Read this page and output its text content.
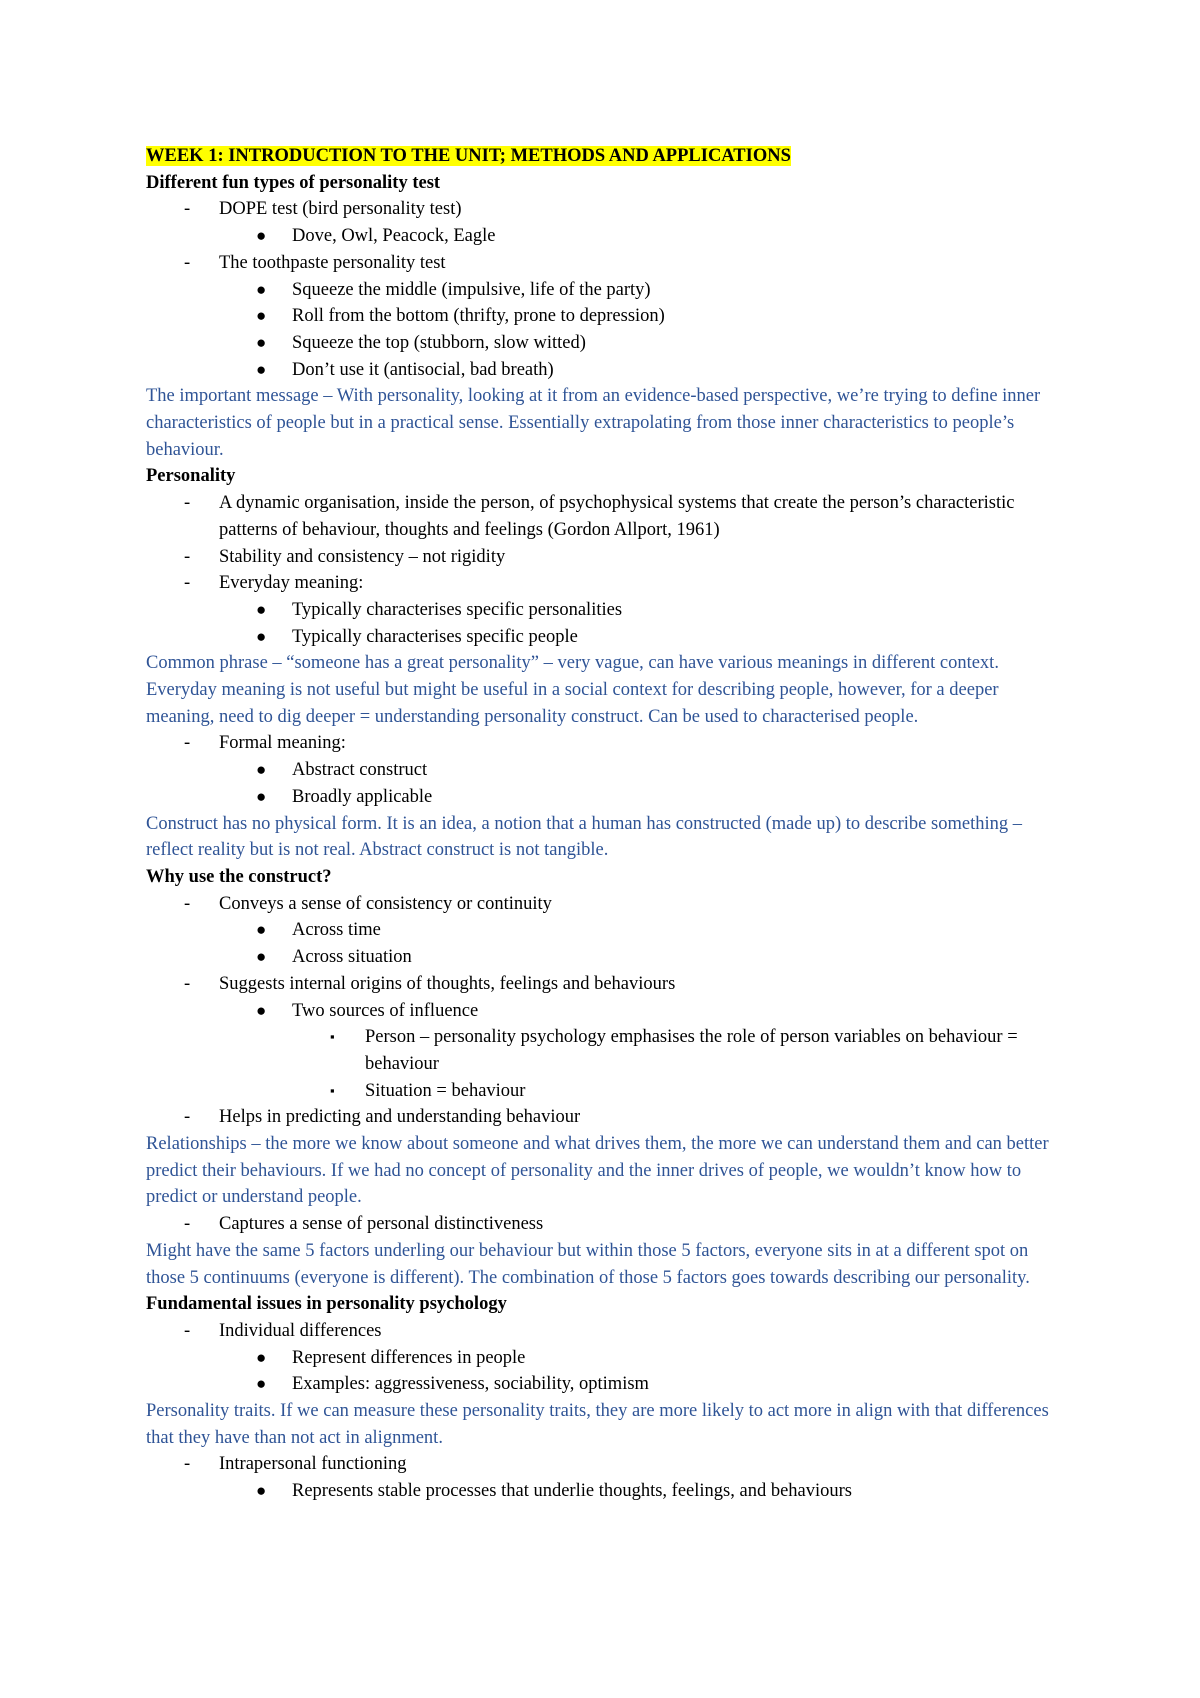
WEEK 1: INTRODUCTION TO THE UNIT; METHODS AND APPLICATIONS
Different fun types of personality test
- DOPE test (bird personality test)
● Dove, Owl, Peacock, Eagle
- The toothpaste personality test
● Squeeze the middle (impulsive, life of the party)
● Roll from the bottom (thrifty, prone to depression)
● Squeeze the top (stubborn, slow witted)
● Don’t use it (antisocial, bad breath)
The important message – With personality, looking at it from an evidence-based perspective, we’re trying to define inner characteristics of people but in a practical sense. Essentially extrapolating from those inner characteristics to people’s behaviour.
Personality
- A dynamic organisation, inside the person, of psychophysical systems that create the person’s characteristic patterns of behaviour, thoughts and feelings (Gordon Allport, 1961)
- Stability and consistency – not rigidity
- Everyday meaning:
● Typically characterises specific personalities
● Typically characterises specific people
Common phrase – “someone has a great personality” – very vague, can have various meanings in different context. Everyday meaning is not useful but might be useful in a social context for describing people, however, for a deeper meaning, need to dig deeper = understanding personality construct. Can be used to characterised people.
- Formal meaning:
● Abstract construct
● Broadly applicable
Construct has no physical form. It is an idea, a notion that a human has constructed (made up) to describe something – reflect reality but is not real. Abstract construct is not tangible.
Why use the construct?
- Conveys a sense of consistency or continuity
● Across time
● Across situation
- Suggests internal origins of thoughts, feelings and behaviours
● Two sources of influence
▪ Person – personality psychology emphasises the role of person variables on behaviour = behaviour
▪ Situation = behaviour
- Helps in predicting and understanding behaviour
Relationships – the more we know about someone and what drives them, the more we can understand them and can better predict their behaviours. If we had no concept of personality and the inner drives of people, we wouldn’t know how to predict or understand people.
- Captures a sense of personal distinctiveness
Might have the same 5 factors underling our behaviour but within those 5 factors, everyone sits in at a different spot on those 5 continuums (everyone is different). The combination of those 5 factors goes towards describing our personality.
Fundamental issues in personality psychology
- Individual differences
● Represent differences in people
● Examples: aggressiveness, sociability, optimism
Personality traits. If we can measure these personality traits, they are more likely to act more in align with that differences that they have than not act in alignment.
- Intrapersonal functioning
● Represents stable processes that underlie thoughts, feelings, and behaviours
